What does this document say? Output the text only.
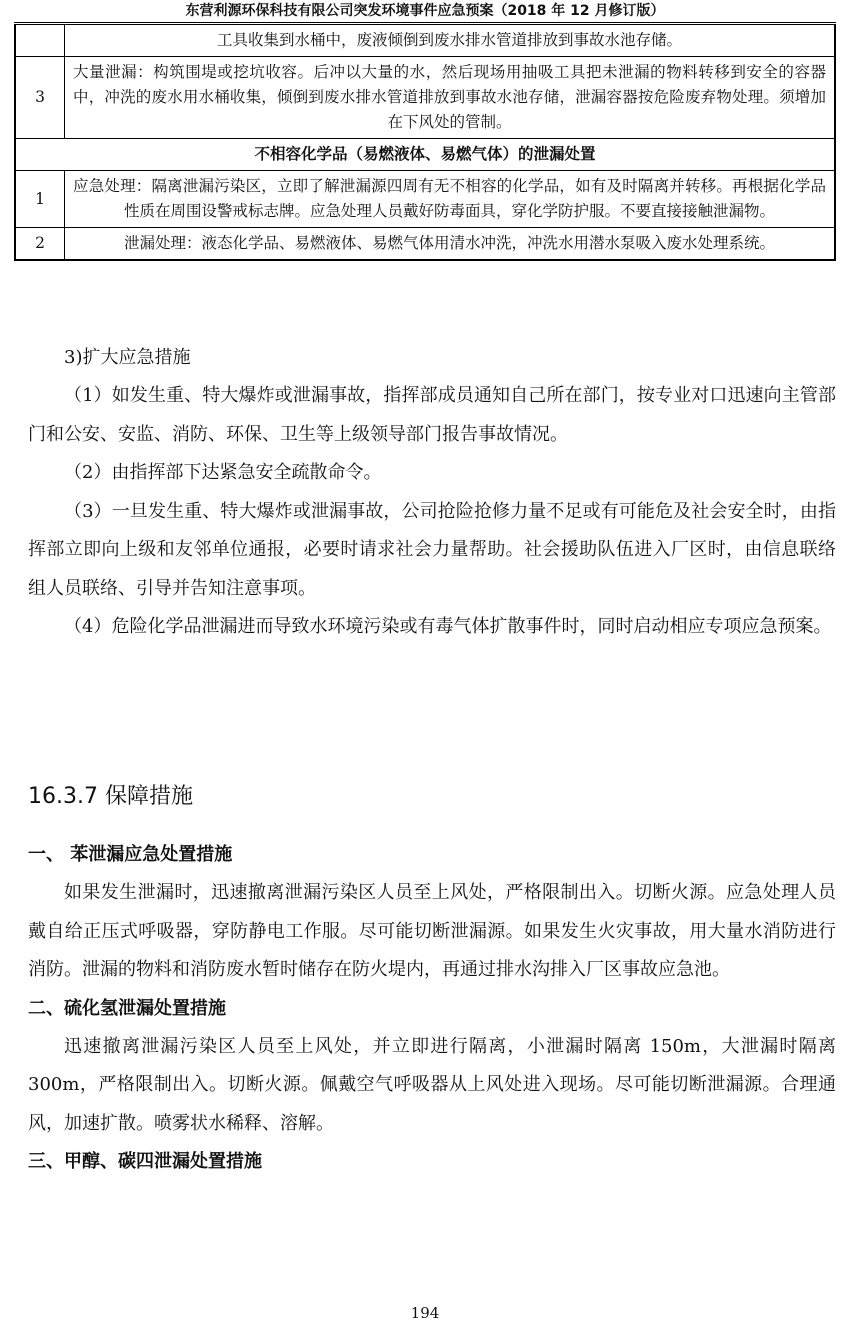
东营利源环保科技有限公司突发环境事件应急预案（2018 年 12 月修订版）
	工具收集到水桶中，废液倾倒到废水排水管道排放到事故水池存储。
3	大量泄漏：构筑围堤或挖坑收容。后冲以大量的水，然后现场用抽吸工具把未泄漏的物料转移到安全的容器中，冲洗的废水用水桶收集，倾倒到废水排水管道排放到事故水池存储，泄漏容器按危险废弃物处理。须增加在下风处的管制。
不相容化学品（易燃液体、易燃气体）的泄漏处置	
1	应急处理：隔离泄漏污染区，立即了解泄漏源四周有无不相容的化学品，如有及时隔离并转移。再根据化学品性质在周围设警戒标志牌。应急处理人员戴好防毒面具，穿化学防护服。不要直接接触泄漏物。
2	泄漏处理：液态化学品、易燃液体、易燃气体用清水冲洗，冲洗水用潜水泵吸入废水处理系统。

3)扩大应急措施

（1）如发生重、特大爆炸或泄漏事故，指挥部成员通知自己所在部门，按专业对口迅速向主管部门和公安、安监、消防、环保、卫生等上级领导部门报告事故情况。

（2）由指挥部下达紧急安全疏散命令。

（3）一旦发生重、特大爆炸或泄漏事故，公司抢险抢修力量不足或有可能危及社会安全时，由指挥部立即向上级和友邻单位通报，必要时请求社会力量帮助。社会援助队伍进入厂区时，由信息联络组人员联络、引导并告知注意事项。

（4）危险化学品泄漏进而导致水环境污染或有毒气体扩散事件时，同时启动相应专项应急预案。

16.3.7 保障措施

一、 苯泄漏应急处置措施

如果发生泄漏时，迅速撤离泄漏污染区人员至上风处，严格限制出入。切断火源。应急处理人员戴自给正压式呼吸器，穿防静电工作服。尽可能切断泄漏源。如果发生火灾事故，用大量水消防进行消防。泄漏的物料和消防废水暂时储存在防火堤内，再通过排水沟排入厂区事故应急池。

二、硫化氢泄漏处置措施

迅速撤离泄漏污染区人员至上风处，并立即进行隔离，小泄漏时隔离 150m，大泄漏时隔离 300m，严格限制出入。切断火源。佩戴空气呼吸器从上风处进入现场。尽可能切断泄漏源。合理通风，加速扩散。喷雾状水稀释、溶解。

三、甲醇、碳四泄漏处置措施

194
